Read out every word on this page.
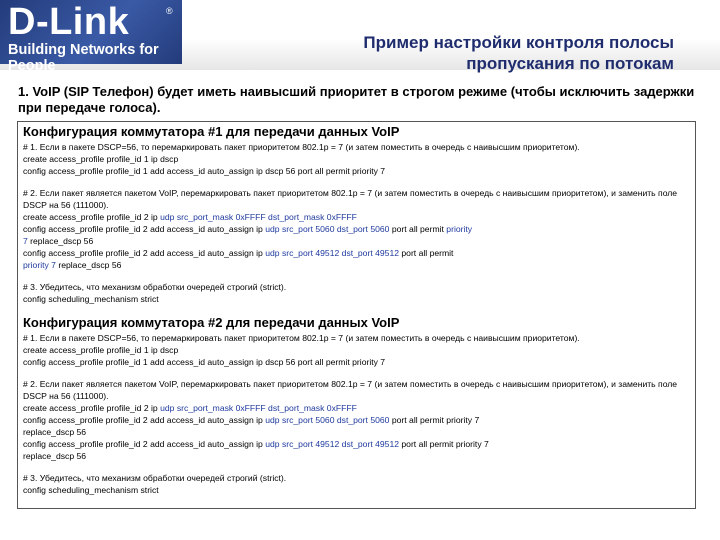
D-Link	®
Building Networks for People
Пример настройки контроля полосы
пропускания по потокам
1. VoIP (SIP Телефон) будет иметь наивысший приоритет в строгом режиме (чтобы исключить задержки при передаче голоса).
Конфигурация коммутатора #1 для передачи данных VoIP
# 1. Если в пакете DSCP=56, то перемаркировать пакет приоритетом 802.1p = 7 (и затем поместить в очередь с наивысшим приоритетом).
create access_profile profile_id 1 ip dscp
config access_profile profile_id 1 add access_id auto_assign ip dscp 56 port all permit priority 7
# 2. Если пакет является пакетом VoIP, перемаркировать пакет приоритетом 802.1p = 7 (и затем поместить в очередь с наивысшим приоритетом), и заменить поле DSCP на 56 (111000).
create access_profile profile_id 2 ip udp src_port_mask 0xFFFF dst_port_mask 0xFFFF
config access_profile profile_id 2 add access_id auto_assign ip udp src_port 5060 dst_port 5060 port all permit priority
7 replace_dscp 56
config access_profile profile_id 2 add access_id auto_assign ip udp src_port 49512 dst_port 49512 port all permit
priority 7 replace_dscp 56
# 3. Убедитесь, что механизм обработки очередей строгий (strict).
config scheduling_mechanism strict
Конфигурация коммутатора #2 для передачи данных VoIP
# 1. Если в пакете DSCP=56, то перемаркировать пакет приоритетом 802.1p = 7 (и затем поместить в очередь с наивысшим приоритетом).
create access_profile profile_id 1 ip dscp
config access_profile profile_id 1 add access_id auto_assign ip dscp 56 port all permit priority 7
# 2. Если пакет является пакетом VoIP, перемаркировать пакет приоритетом 802.1p = 7 (и затем поместить в очередь с наивысшим приоритетом), и заменить поле DSCP на 56 (111000).
create access_profile profile_id 2 ip udp src_port_mask 0xFFFF dst_port_mask 0xFFFF
config access_profile profile_id 2 add access_id auto_assign ip udp src_port 5060 dst_port 5060 port all permit priority 7
replace_dscp 56
config access_profile profile_id 2 add access_id auto_assign ip udp src_port 49512 dst_port 49512 port all permit priority 7
replace_dscp 56
# 3. Убедитесь, что механизм обработки очередей строгий (strict).
config scheduling_mechanism strict
